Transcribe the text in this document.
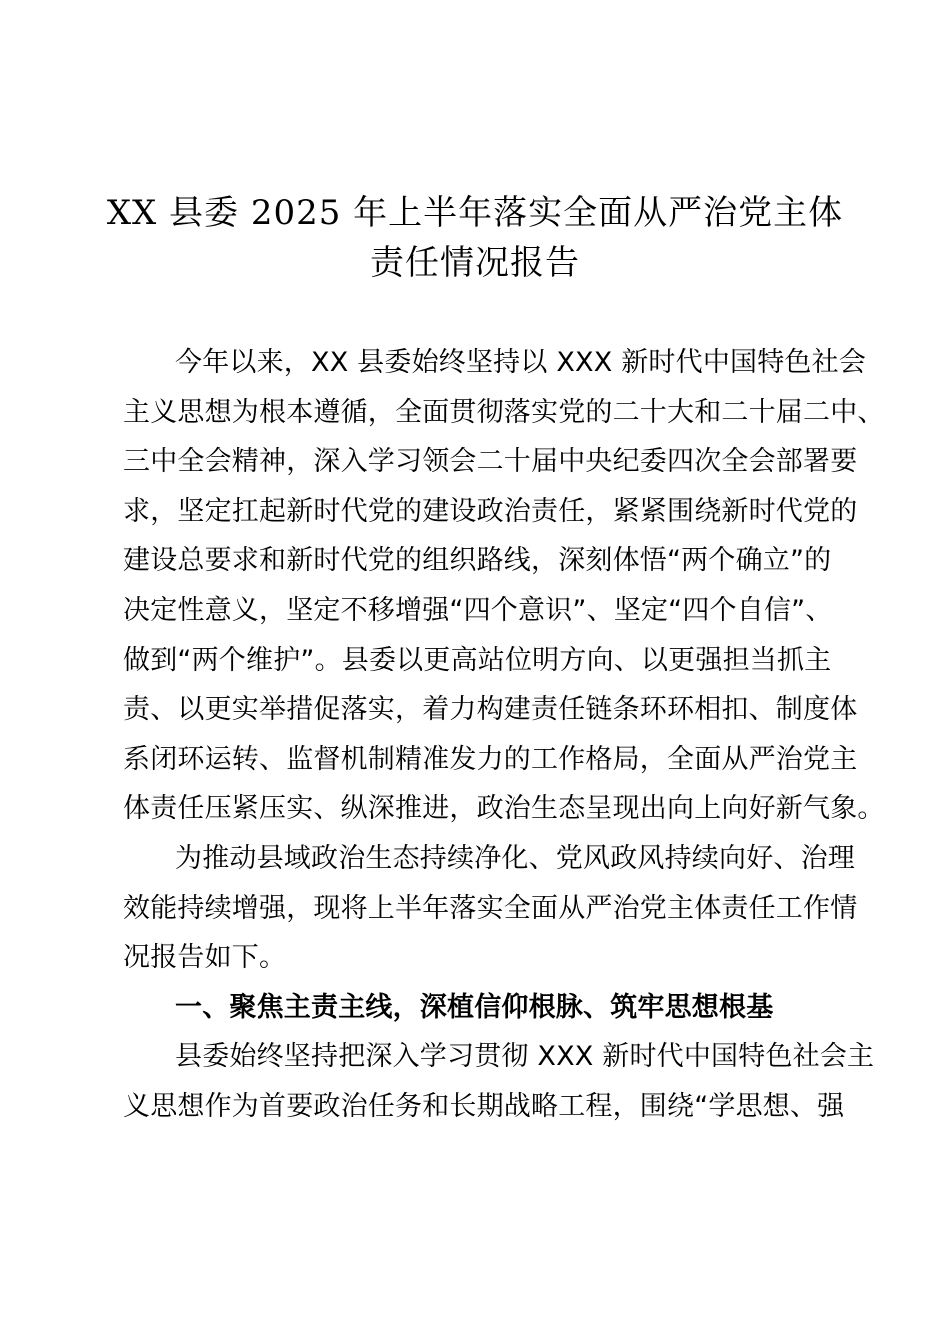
XX 县委 2025 年上半年落实全面从严治党主体
责任情况报告
今年以来，XX 县委始终坚持以 XXX 新时代中国特色社会
主义思想为根本遵循，全面贯彻落实党的二十大和二十届二中、
三中全会精神，深入学习领会二十届中央纪委四次全会部署要
求，坚定扛起新时代党的建设政治责任，紧紧围绕新时代党的
建设总要求和新时代党的组织路线，深刻体悟“两个确立”的
决定性意义，坚定不移增强“四个意识”、坚定“四个自信”、
做到“两个维护”。县委以更高站位明方向、以更强担当抓主
责、以更实举措促落实，着力构建责任链条环环相扣、制度体
系闭环运转、监督机制精准发力的工作格局，全面从严治党主
体责任压紧压实、纵深推进，政治生态呈现出向上向好新气象。
为推动县域政治生态持续净化、党风政风持续向好、治理
效能持续增强，现将上半年落实全面从严治党主体责任工作情
况报告如下。
一、聚焦主责主线，深植信仰根脉、筑牢思想根基
县委始终坚持把深入学习贯彻 XXX 新时代中国特色社会主
义思想作为首要政治任务和长期战略工程，围绕“学思想、强
